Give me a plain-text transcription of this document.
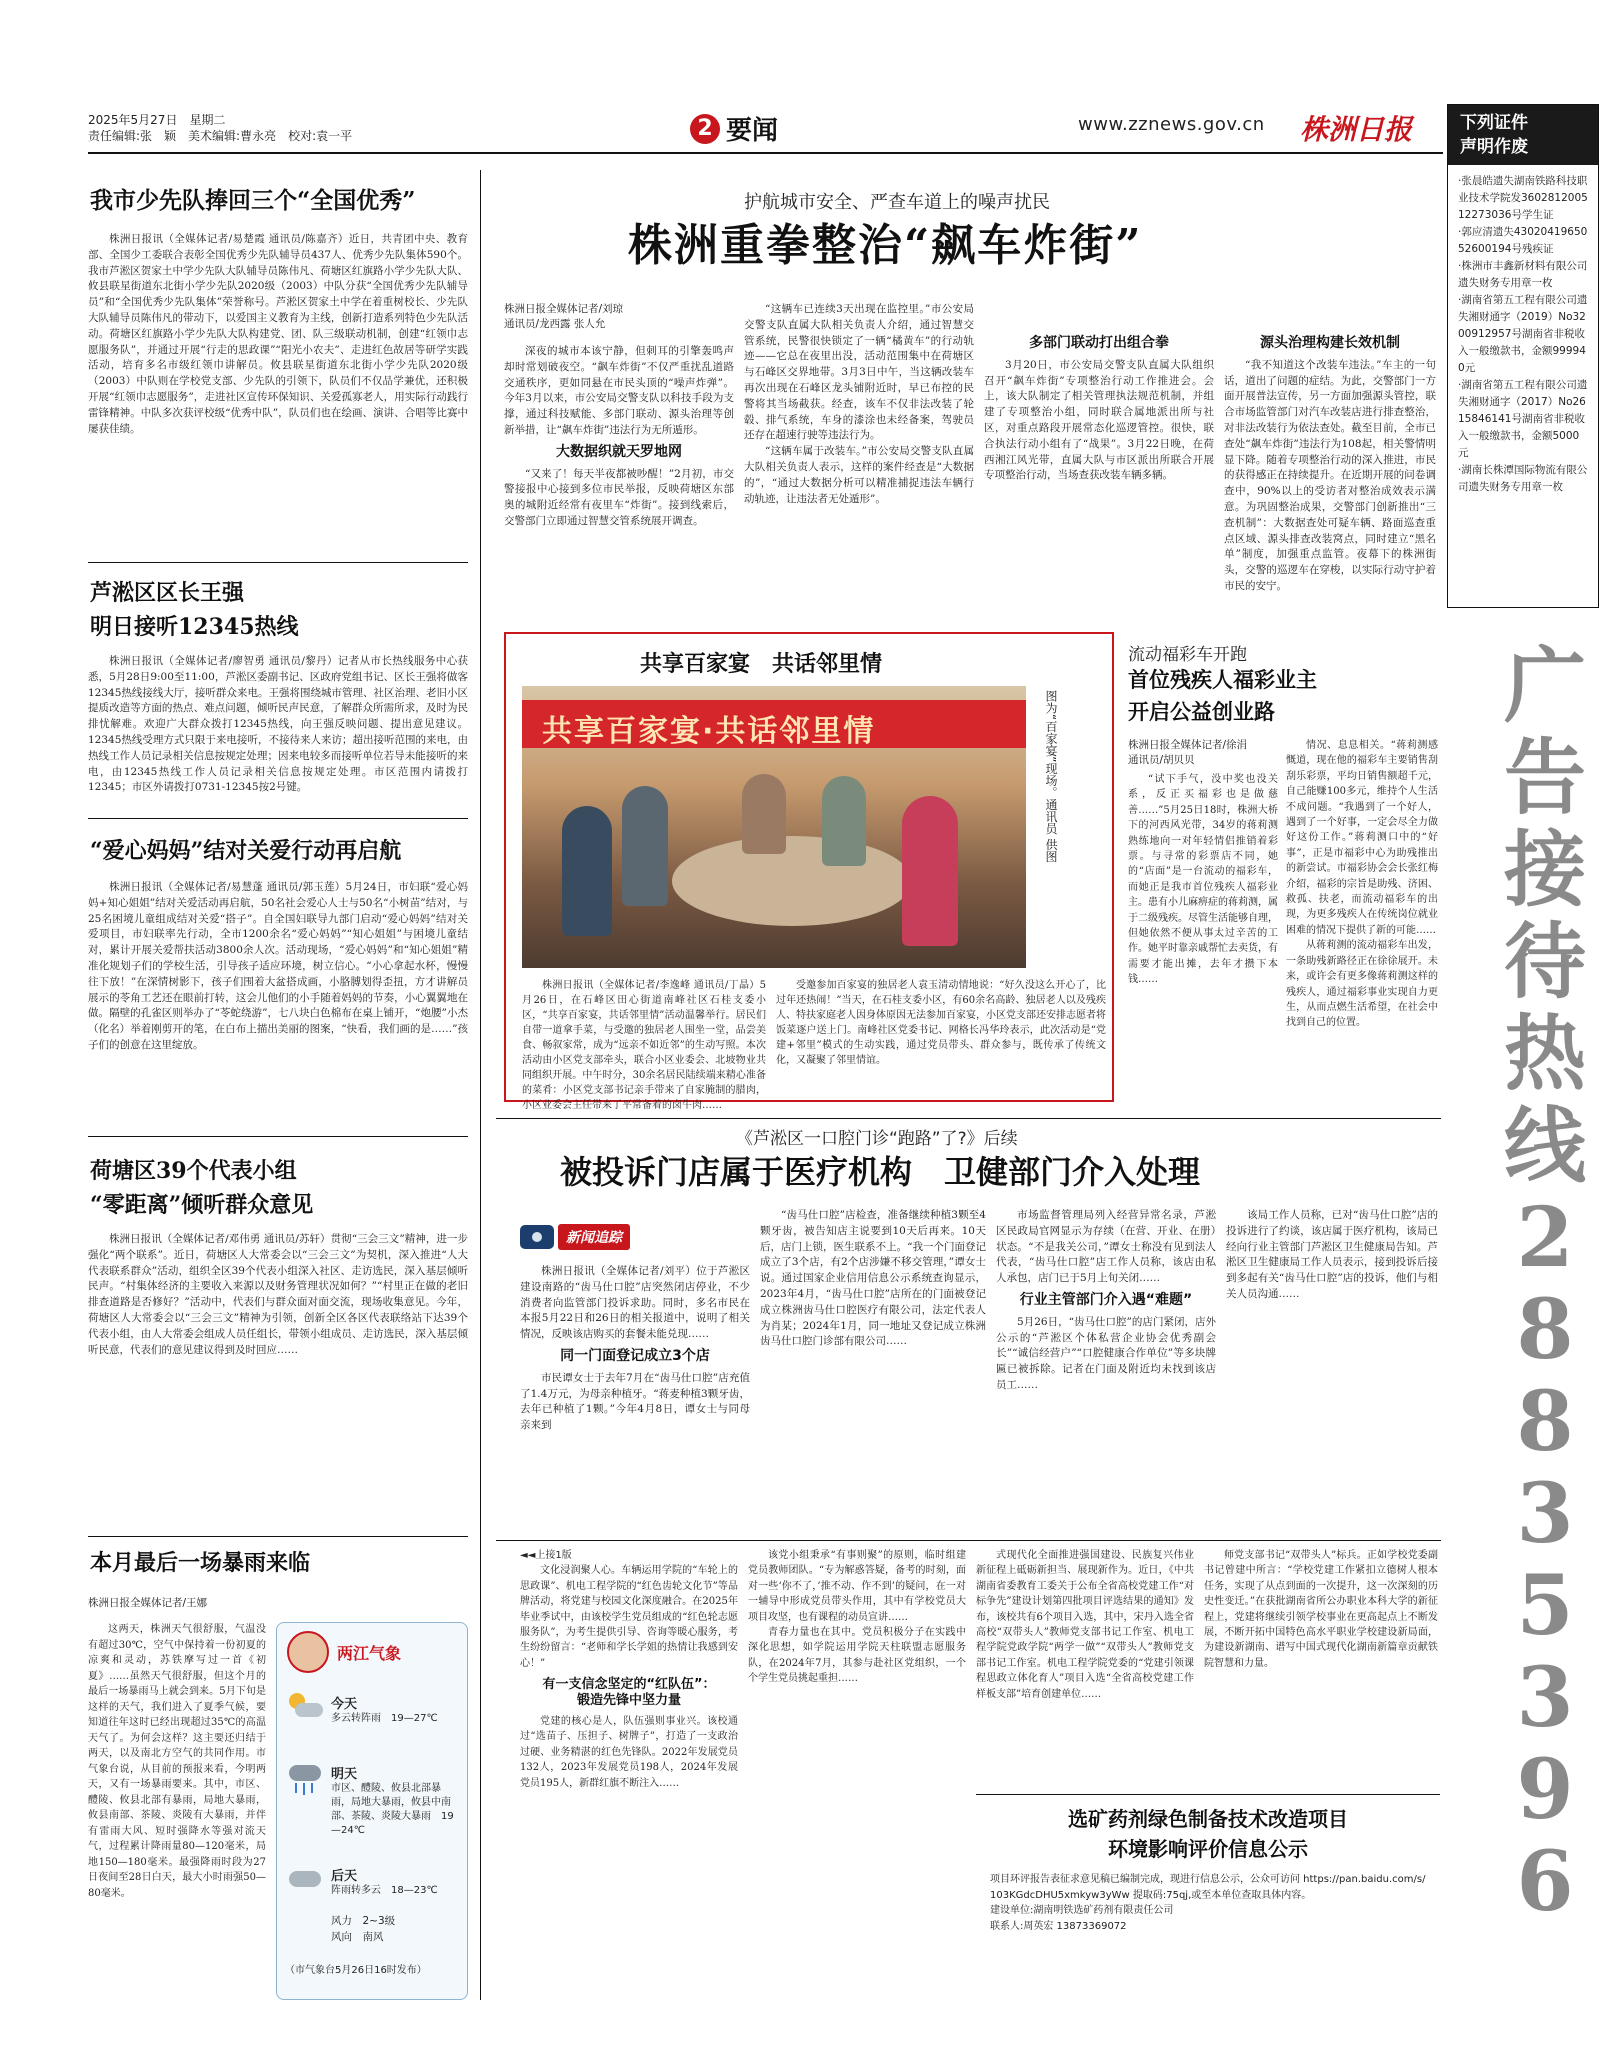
2025年5月27日　星期二
责任编辑:张　颖　美术编辑:曹永亮　校对:袁一平	2 要闻	www.zznews.gov.cn 株洲日报	下列证件
声明作废
·张晨皓遗失湖南铁路科技职业技术学院发360281200512273036号学生证
·郭应清遗失430204196505260019​4号残疾证
·株洲市丰鑫新材料有限公司遗失财务专用章一枚
·湖南省第五工程有限公司遗失湘财通字（2019）No3200912957号湖南省非税收入一般缴款书，金额999940元
·湖南省第五工程有限公司遗失湘财通字（2017）No2615846141号湖南省非税收入一般缴款书，金额5000元
·湖南长株潭国际物流有限公司遗失财务专用章一枚
广
告
接
待
热
线
2
8
8
3
5
3
9
6
我市少先队捧回三个“全国优秀”

株洲日报讯（全媒体记者/易楚霞 通讯员/陈嘉齐）近日，共青团中央、教育部、全国少工委联合表彰全国优秀少先队辅导员437人、优秀少先队集体590个。我市芦淞区贺家土中学少先队大队辅导员陈伟凡、荷塘区红旗路小学少先队大队、攸县联星街道东北街小学少先队2020级（2003）中队分获“全国优秀少先队辅导员”和“全国优秀少先队集体”荣誉称号。芦淞区贺家土中学在着重树校长、少先队大队辅导员陈伟凡的带动下，以爱国主义教育为主线，创新打造系列特色少先队活动。荷塘区红旗路小学少先队大队构建党、团、队三级联动机制，创建“红领巾志愿服务队”，并通过开展“行走的思政课”“阳光小农夫”、走进红色故居等研学实践活动，培育多名市级红领巾讲解员。攸县联星街道东北街小学少先队2020级（2003）中队则在学校党支部、少先队的引领下，队员们不仅品学兼优，还积极开展“红领巾志愿服务”，走进社区宣传环保知识、关爱孤寡老人，用实际行动践行雷锋精神。中队多次获评校级“优秀中队”，队员们也在绘画、演讲、合唱等比赛中屡获佳绩。

芦淞区区长王强
明日接听12345热线

株洲日报讯（全媒体记者/廖智勇 通讯员/黎丹）记者从市长热线服务中心获悉，5月28日9:00至11:00，芦淞区委副书记、区政府党组书记、区长王强将做客12345热线接线大厅，接听群众来电。王强将围绕城市管理、社区治理、老旧小区提质改造等方面的热点、难点问题，倾听民声民意，了解群众所需所求，及时为民排忧解难。欢迎广大群众拨打12345热线，向王强反映问题、提出意见建议。12345热线受理方式只限于来电接听，不接待来人来访；超出接听范围的来电，由热线工作人员记录相关信息按规定处理；因来电较多而接听单位若导未能接听的来电，由12345热线工作人员记录相关信息按规定处理。市区范围内请拨打12345；市区外请拨打0731-12345按2号键。

“爱心妈妈”结对关爱行动再启航

株洲日报讯（全媒体记者/易慧蓬 通讯员/郭玉莲）5月24日，市妇联“爱心妈妈+知心姐姐”结对关爱活动再启航，50名社会爱心人士与50名“小树苗”结对，与25名困境儿童组成结对关爱“搭子”。自全国妇联导九部门启动“爱心妈妈”结对关爱项目，市妇联率先行动，全市1200余名“爱心妈妈”“知心姐姐”与困境儿童结对，累计开展关爱帮扶活动3800余人次。活动现场，“爱心妈妈”和“知心姐姐”精准化规划子们的学校生活，引导孩子适应环境，树立信心。“小心拿起水杯，慢慢往下放！”在深情树影下，孩子们围着大盆搭成画，小胳膊划得歪扭，方才讲解员展示的苓角工艺还在眼前打转，这会儿他们的小手随着妈妈的节奏，小心翼翼地在做。隔壁的孔雀区则举办了“苓蛇绕游”，七八块白色棉布在桌上铺开，“炮腰”小杰（化名）举着刚剪开的笔，在白布上描出美丽的图案，“快看，我们画的是……”孩子们的创意在这里绽放。

荷塘区39个代表小组
“零距离”倾听群众意见

株洲日报讯（全媒体记者/邓伟勇 通讯员/苏轩）贯彻“三会三文”精神，进一步强化“两个联系”。近日，荷塘区人大常委会以“三会三文”为契机，深入推进“人大代表联系群众”活动，组织全区39个代表小组深入社区、走访选民，深入基层倾听民声。“村集体经济的主要收入来源以及财务管理状况如何？”“村里正在做的老旧排查道路是否修好？”活动中，代表们与群众面对面交流，现场收集意见。今年，荷塘区人大常委会以“三会三文”精神为引领，创新全区各区代表联络站下达39个代表小组，由人大常委会组成人员任组长，带领小组成员、走访选民，深入基层倾听民意，代表们的意见建议得到及时回应……

本月最后一场暴雨来临
株洲日报全媒体记者/王娜

这两天，株洲天气很舒服，气温没有超过30℃，空气中保持着一份初夏的凉爽和灵动，苏铁摩写过一首《初夏》……虽然天气很舒服，但这个月的最后一场暴雨马上就会到来。5月下旬是这样的天气，我们进入了夏季气候，要知道往年这时已经出现超过35℃的高温天气了。为何会这样？这主要还归结于两天，以及南北方空气的共同作用。市气象台说，从目前的预报来看，今明两天，又有一场暴雨要来。其中，市区、醴陵、攸县北部有暴雨，局地大暴雨，攸县南部、茶陵、炎陵有大暴雨，并伴有雷雨大风、短时强降水等强对流天气，过程累计降雨量80—120毫米，局地150—180毫米。最强降雨时段为27日夜间至28日白天，最大小时雨强50—80毫米。

两江气象
今天
多云转阵雨　19—27℃
明天
市区、醴陵、攸县北部暴雨，局地大暴雨，攸县中南部、茶陵、炎陵大暴雨　19—24℃
后天
阵雨转多云　18—23℃
风力　2~3级
风向　南风
（市气象台5月26日16时发布）
护航城市安全、严查车道上的噪声扰民
株洲重拳整治“飙车炸街”
株洲日报全媒体记者/刘琼
通讯员/龙西露 张人允

深夜的城市本该宁静，但刺耳的引擎轰鸣声却时常划破夜空。“飙车炸街”不仅严重扰乱道路交通秩序，更如同悬在市民头顶的“噪声炸弹”。今年3月以来，市公安局交警支队以科技手段为支撑，通过科技赋能、多部门联动、源头治理等创新举措，让“飙车炸街”违法行为无所遁形。

大数据织就天罗地网

“又来了！每天半夜都被吵醒！”2月初，市交警接报中心接到多位市民举报，反映荷塘区东部奥的城附近经常有夜里车“炸街”。接到线索后，交警部门立即通过智慧交管系统展开调查。

“这辆车已连续3天出现在监控里。”市公安局交警支队直属大队相关负责人介绍，通过智慧交管系统，民警很快锁定了一辆“橘黄车”的行动轨迹——它总在夜里出没，活动范围集中在荷塘区与石峰区交界地带。3月3日中午，当这辆改装车再次出现在石峰区龙头铺附近时，早已布控的民警将其当场截获。经查，该车不仅非法改装了轮毂、排气系统，车身的漆涂也未经备案，驾驶员还存在超速行驶等违法行为。

“这辆车属于改装车。”市公安局交警支队直属大队相关负责人表示，这样的案件经查是“大数据的”，“通过大数据分析可以精准捕捉违法车辆行动轨迹，让违法者无处遁形”。

多部门联动打出组合拳

3月20日，市公安局交警支队直属大队组织召开“飙车炸街”专项整治行动工作推进会。会上，该大队制定了相关管理执法规范机制，并组建了专项整治小组，同时联合属地派出所与社区，对重点路段开展常态化巡逻管控。很快，联合执法行动小组有了“战果”。3月22日晚，在荷西湘江风光带，直属大队与市区派出所联合开展专项整治行动，当场查获改装车辆多辆。

源头治理构建长效机制

“我不知道这个改装车违法。”车主的一句话，道出了问题的症结。为此，交警部门一方面开展普法宣传，另一方面加强源头管控，联合市场监管部门对汽车改装店进行排查整治，对非法改装行为依法查处。截至目前，全市已查处“飙车炸街”违法行为108起，相关警情明显下降。随着专项整治行动的深入推进，市民的获得感正在持续提升。在近期开展的问卷调查中，90%以上的受访者对整治成效表示满意。为巩固整治成果，交警部门创新推出“三查机制”：大数据查处可疑车辆、路面巡查重点区域、源头排查改装窝点，同时建立“黑名单”制度，加强重点监管。夜幕下的株洲街头，交警的巡逻车在穿梭，以实际行动守护着市民的安宁。

共享百家宴　共话邻里情
共享百家宴·共话邻里情	图为“百家宴”现场。通讯员 供图

株洲日报讯（全媒体记者/李逸峰 通讯员/丁晶）5月26日，在石峰区田心街道南峰社区石桂支委小区，“共享百家宴，共话邻里情”活动温馨举行。居民们自带一道拿手菜，与受邀的独居老人围坐一堂，品尝美食、畅叙家常，成为“远亲不如近邻”的生动写照。本次活动由小区党支部牵头，联合小区业委会、北坡物业共同组织开展。中午时分，30余名居民陆续端来精心准备的菜肴：小区党支部书记亲手带来了自家腌制的腊肉，小区业委会主任带来了平常备着的卤牛肉……

受邀参加百家宴的独居老人袁玉清动情地说：“好久没这么开心了，比过年还热闹！”当天，在石桂支委小区，有60余名高龄、独居老人以及残疾人、特扶家庭老人因身体原因无法参加百家宴，小区党支部还安排志愿者将饭菜逐户送上门。南峰社区党委书记、网格长冯华玲表示，此次活动是“党建+邻里”模式的生动实践，通过党员带头、群众参与，既传承了传统文化，又凝聚了邻里情谊。

流动福彩车开跑
首位残疾人福彩业主
开启公益创业路
株洲日报全媒体记者/徐涓
通讯员/胡贝贝

“试下手气，没中奖也没关系，反正买福彩也是做慈善……”5月25日18时，株洲大桥下的河西风光带，34岁的蒋莉测熟练地向一对年轻情侣推销着彩票。与寻常的彩票店不同，她的“店面”是一台流动的福彩车，而她正是我市首位残疾人福彩业主。患有小儿麻痹症的蒋莉测，属于二级残疾。尽管生活能够自理，但她依然不便从事太过辛苦的工作。她平时靠亲戚帮忙去卖货，有需要才能出摊，去年才攒下本钱……

情况、息息相关。“蒋莉测感慨道，现在他的福彩车主要销售刮刮乐彩票，平均日销售额超千元，自己能赚100多元，维持个人生活不成问题。“我遇到了一个好人，遇到了一个好事，一定会尽全力做好这份工作。”蒋莉测口中的“好事”，正是市福彩中心为助残推出的新尝试。市福彩协会会长张红梅介绍，福彩的宗旨是助残、济困、救孤、扶老，而流动福彩车的出现，为更多残疾人在传统岗位就业困难的情况下提供了新的可能……

从蒋莉测的流动福彩车出发，一条助残新路径正在徐徐展开。未来，或许会有更多像蒋莉测这样的残疾人，通过福彩事业实现自力更生，从而点燃生活希望，在社会中找到自己的位置。

《芦淞区一口腔门诊“跑路”了?》后续
被投诉门店属于医疗机构　卫健部门介入处理
新闻追踪

株洲日报讯（全媒体记者/刘平）位于芦淞区建设南路的“齿马仕口腔”店突然闭店停业，不少消费者向监管部门投诉求助。同时，多名市民在本报5月22日和26日的相关报道中，说明了相关情况，反映该店购买的套餐未能兑现……

同一门面登记成立3个店

市民谭女士于去年7月在“齿马仕口腔”店充值了1.4万元，为母亲种植牙。“蒋麦种植3颗牙齿，去年已种植了1颗。”今年4月8日，谭女士与同母亲来到

“齿马仕口腔”店检查，准备继续种植3颗至4颗牙齿，被告知店主说要到10天后再来。10天后，店门上锁，医生联系不上。“我一个门面登记成立了3个店，有2个店涉嫌不移交管理，”谭女士说。通过国家企业信用信息公示系统查询显示，2023年4月，“齿马仕口腔”店所在的门面被登记成立株洲齿马仕口腔医疗有限公司，法定代表人为肖某；2024年1月，同一地址又登记成立株洲齿马仕口腔门诊部有限公司……

市场监督管理局列入经营异常名录，芦淞区民政局官网显示为存续（在营、开业、在册）状态。“不是我关公司，”谭女士称没有见到法人代表，“齿马仕口腔”店工作人员称，该店由私人承包，店门已于5月上旬关闭……

行业主管部门介入遇“难题”

5月26日，“齿马仕口腔”的店门紧闭，店外公示的“芦淞区个体私营企业协会优秀副会长”“诚信经营户”“口腔健康合作单位”等多块牌匾已被拆除。记者在门面及附近均未找到该店员工……

该局工作人员称，已对“齿马仕口腔”店的投诉进行了约谈，该店属于医疗机构，该局已经向行业主管部门芦淞区卫生健康局告知。芦淞区卫生健康局工作人员表示，接到投诉后接到多起有关“齿马仕口腔”店的投诉，他们与相关人员沟通……

◄◄上接1版

文化浸润聚人心。车辆运用学院的“车轮上的思政课”、机电工程学院的“红色齿轮文化节”等品牌活动，将党建与校园文化深度融合。在2025年毕业季试中，由该校学生党员组成的“红色轮志愿服务队”，为考生提供引导、咨询等暖心服务，考生纷纷留言：“老师和学长学姐的热情让我感到安心！”

有一支信念坚定的“红队伍”：
锻造先锋中坚力量

党建的核心是人，队伍强则事业兴。该校通过“选苗子、压担子、树牌子”，打造了一支政治过硬、业务精湛的红色先锋队。2022年发展党员132人，2023年发展党员198人，2024年发展党员195人，新群红旗不断注入……

该党小组秉承“有事则聚”的原则，临时组建党员教师团队。“专为解惑答疑，备考的时刻，面对一些‘你不了，’推不动、作不到’的疑问，在一对一辅导中形成党员带头作用，其中有学校党员大项目攻坚，也有课程的动员宣讲……

青春力量也在其中。党员积极分子在实践中深化思想，如学院运用学院天柱联盟志愿服务队，在2024年7月，其参与赴社区党组织，一个个学生党员挑起重担……

式现代化全面推进强国建设、民族复兴伟业新征程上砥砺新担当、展现新作为。近日，《中共湖南省委教育工委关于公布全省高校党建工作“对标争先”建设计划第四批项目评选结果的通知》发布，该校共有6个项目入选，其中，宋丹入选全省高校“双带头人”教师党支部书记工作室、机电工程学院党政学院“两学一做”“双带头人”教师党支部书记工作室。机电工程学院党委的“党建引领课程思政立体化育人”项目入选“全省高校党建工作样板支部”培育创建单位……

师党支部书记“双带头人”标兵。正如学校党委副书记曾建中所言：“学校党建工作紧扣立德树人根本任务，实现了从点到面的一次提升，这一次深刻的历史性变迁。”在获批湖南省所公办职业本科大学的新征程上，党建将继续引领学校事业在更高起点上不断发展，不断开拓中国特色高水平职业学校建设新局面，为建设新湖南、谱写中国式现代化湖南新篇章贡献铁院智慧和力量。

选矿药剂绿色制备技术改造项目
环境影响评价信息公示
项目环评报告表征求意见稿已编制完成，现进行信息公示，公众可访问 https://pan.baidu.com/s/103KGdcDHU5xmkyw3yWw 提取码:75qj,或至本单位查取具体内容。
建设单位:湖南明铁选矿药剂有限责任公司
联系人:周英宏 13873369072
